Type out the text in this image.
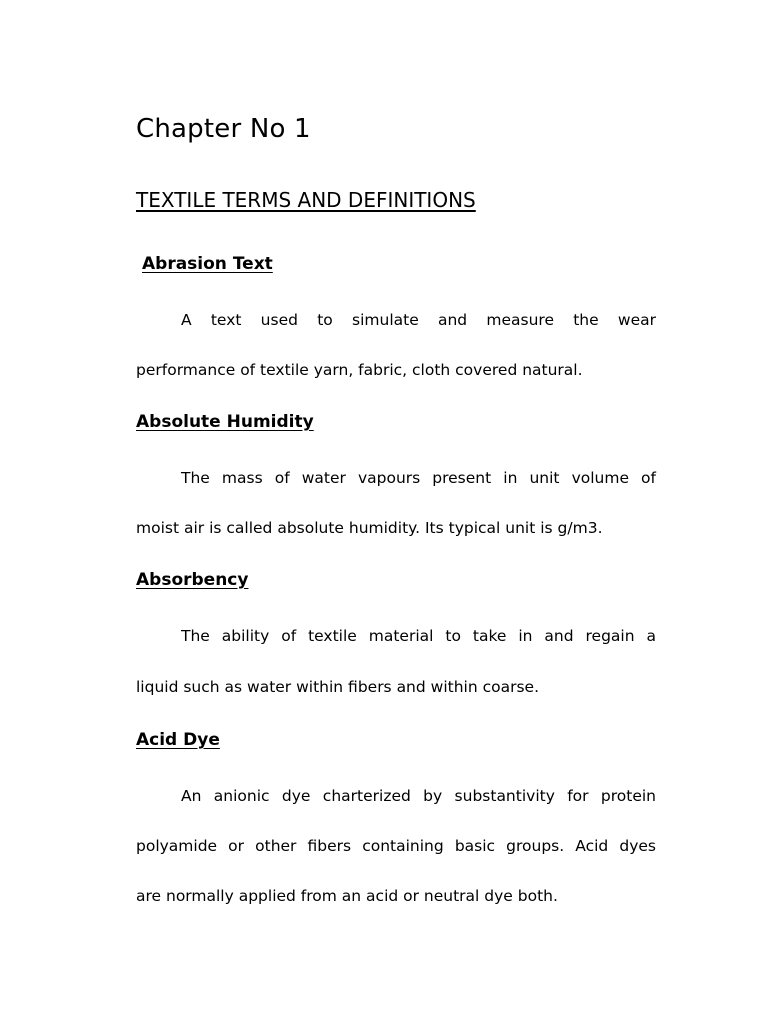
Chapter No 1
TEXTILE TERMS AND DEFINITIONS
Abrasion Text

A text used to simulate and measure the wear

performance of textile yarn, fabric, cloth covered natural.

Absolute Humidity

The mass of water vapours present in unit volume of

moist air is called absolute humidity. Its typical unit is g/m3.

Absorbency

The ability of textile material to take in and regain a

liquid such as water within fibers and within coarse.

Acid Dye

An anionic dye charterized by substantivity for protein

polyamide or other fibers containing basic groups. Acid dyes

are normally applied from an acid or neutral dye both.
